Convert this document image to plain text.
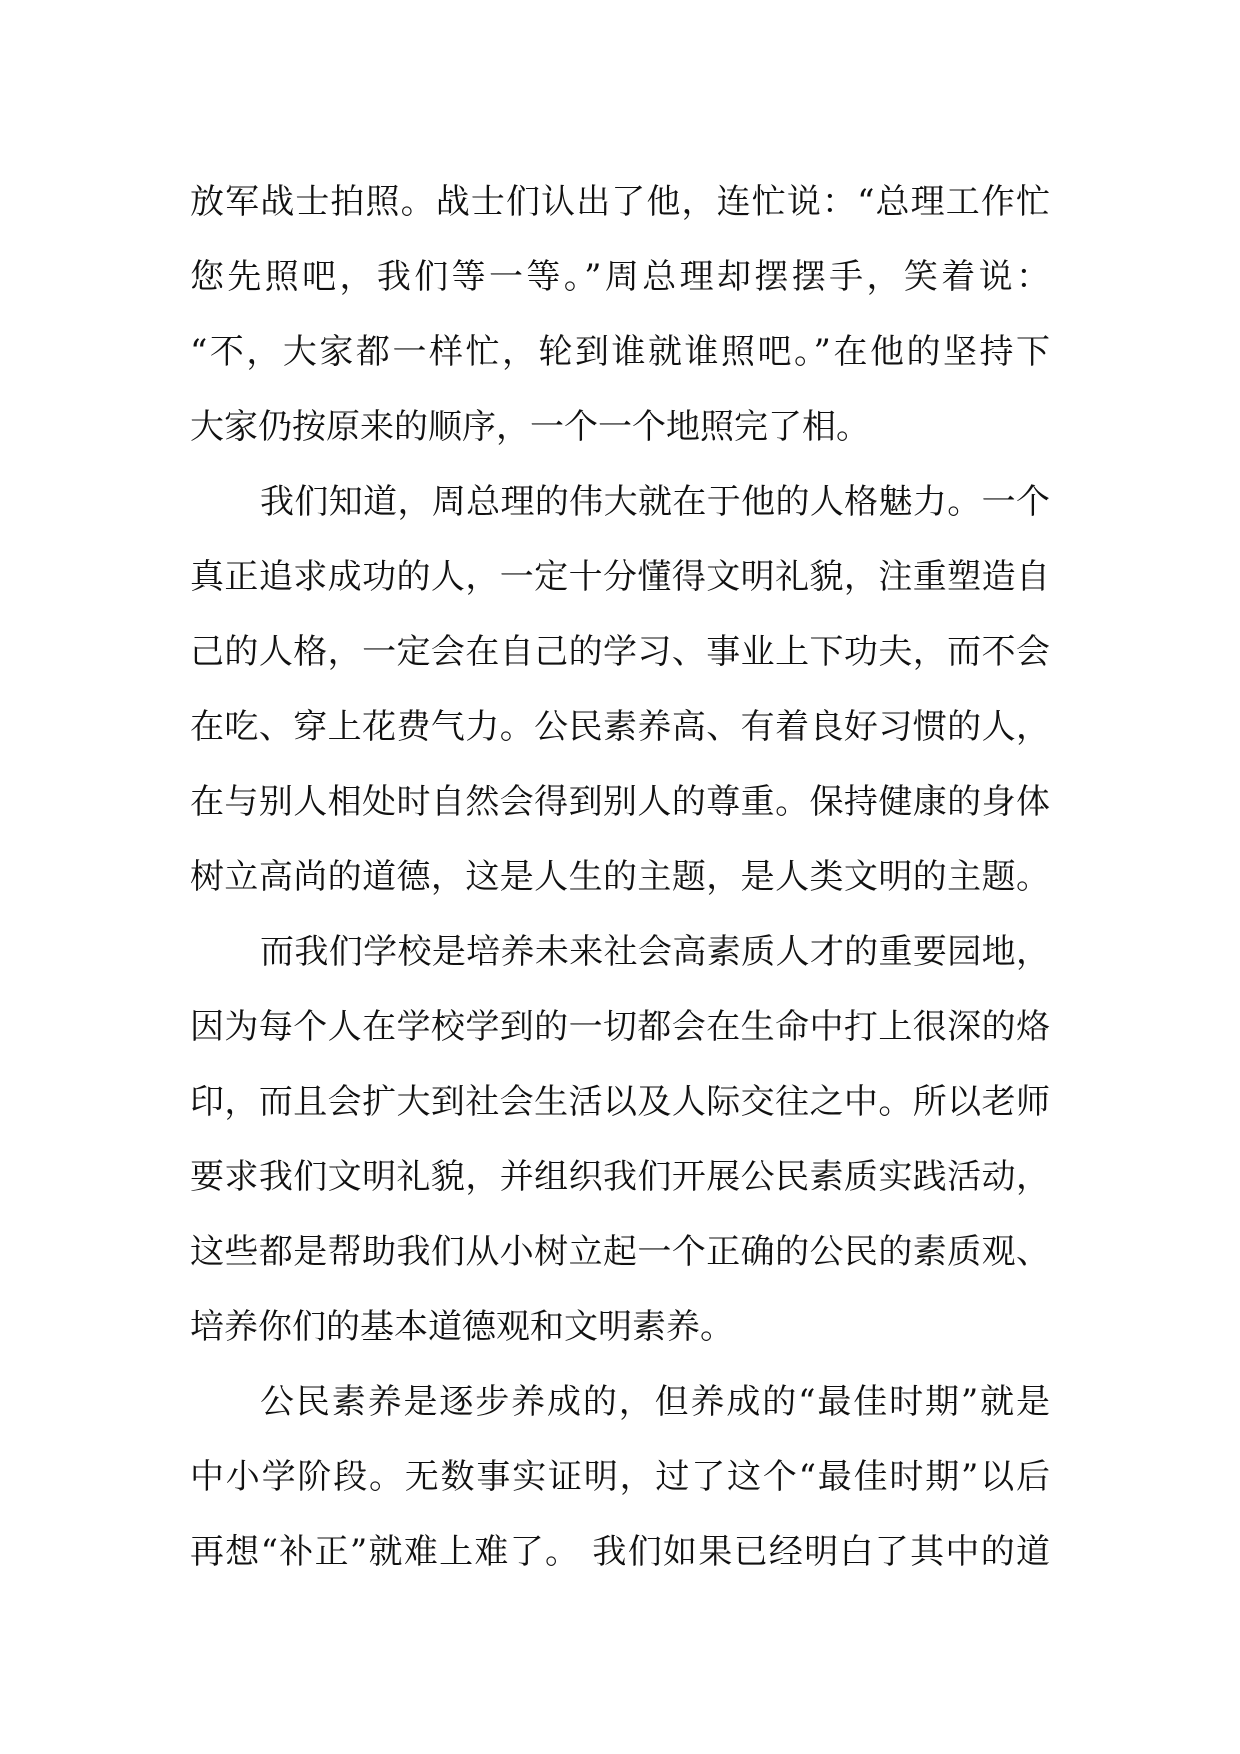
放军战士拍照。战士们认出了他，连忙说：“总理工作忙
您先照吧，我们等一等。”周总理却摆摆手，笑着说：
“不，大家都一样忙，轮到谁就谁照吧。”在他的坚持下
大家仍按原来的顺序，一个一个地照完了相。
我们知道，周总理的伟大就在于他的人格魅力。一个
真正追求成功的人，一定十分懂得文明礼貌，注重塑造自
己的人格，一定会在自己的学习、事业上下功夫，而不会
在吃、穿上花费气力。公民素养高、有着良好习惯的人，
在与别人相处时自然会得到别人的尊重。保持健康的身体
树立高尚的道德，这是人生的主题，是人类文明的主题。
而我们学校是培养未来社会高素质人才的重要园地，
因为每个人在学校学到的一切都会在生命中打上很深的烙
印，而且会扩大到社会生活以及人际交往之中。所以老师
要求我们文明礼貌，并组织我们开展公民素质实践活动，
这些都是帮助我们从小树立起一个正确的公民的素质观、
培养你们的基本道德观和文明素养。
公民素养是逐步养成的，但养成的“最佳时期”就是
中小学阶段。无数事实证明，过了这个“最佳时期”以后
再想“补正”就难上难了。 我们如果已经明白了其中的道
